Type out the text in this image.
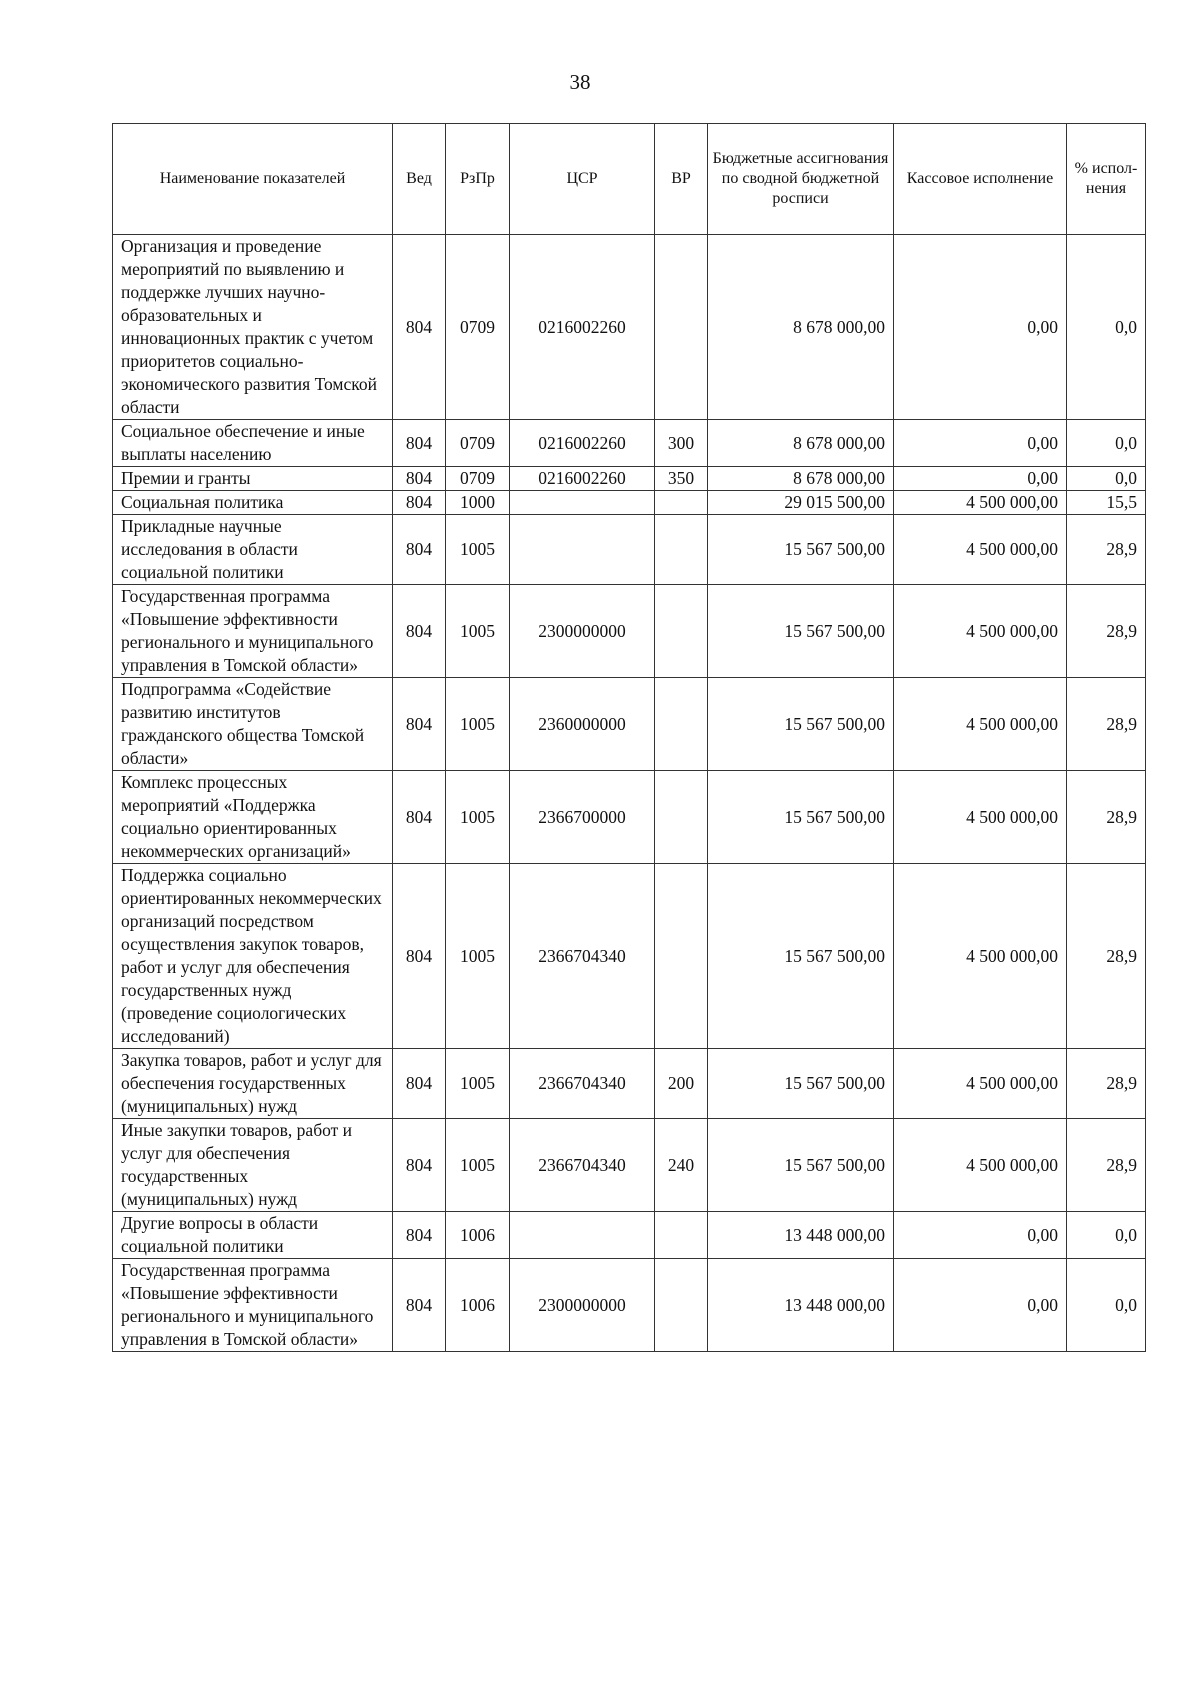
38
Наименование показателей	Вед	РзПр	ЦСР	ВР	Бюджетные ассигнования по сводной бюджетной росписи	Кассовое исполнение	% испол-нения
Организация и проведение мероприятий по выявлению и поддержке лучших научно-образовательных и инновационных практик с учетом приоритетов социально-экономического развития Томской области	804	0709	0216002260		8 678 000,00	0,00	0,0
Социальное обеспечение и иные выплаты населению	804	0709	0216002260	300	8 678 000,00	0,00	0,0
Премии и гранты	804	0709	0216002260	350	8 678 000,00	0,00	0,0
Социальная политика	804	1000			29 015 500,00	4 500 000,00	15,5
Прикладные научные исследования в области социальной политики	804	1005			15 567 500,00	4 500 000,00	28,9
Государственная программа «Повышение эффективности регионального и муниципального управления в Томской области»	804	1005	2300000000		15 567 500,00	4 500 000,00	28,9
Подпрограмма «Содействие развитию институтов гражданского общества Томской области»	804	1005	2360000000		15 567 500,00	4 500 000,00	28,9
Комплекс процессных мероприятий «Поддержка социально ориентированных некоммерческих организаций»	804	1005	2366700000		15 567 500,00	4 500 000,00	28,9
Поддержка социально ориентированных некоммерческих организаций посредством осуществления закупок товаров, работ и услуг для обеспечения государственных нужд (проведение социологических исследований)	804	1005	2366704340		15 567 500,00	4 500 000,00	28,9
Закупка товаров, работ и услуг для обеспечения государственных (муниципальных) нужд	804	1005	2366704340	200	15 567 500,00	4 500 000,00	28,9
Иные закупки товаров, работ и услуг для обеспечения государственных (муниципальных) нужд	804	1005	2366704340	240	15 567 500,00	4 500 000,00	28,9
Другие вопросы в области социальной политики	804	1006			13 448 000,00	0,00	0,0
Государственная программа «Повышение эффективности регионального и муниципального управления в Томской области»	804	1006	2300000000		13 448 000,00	0,00	0,0
